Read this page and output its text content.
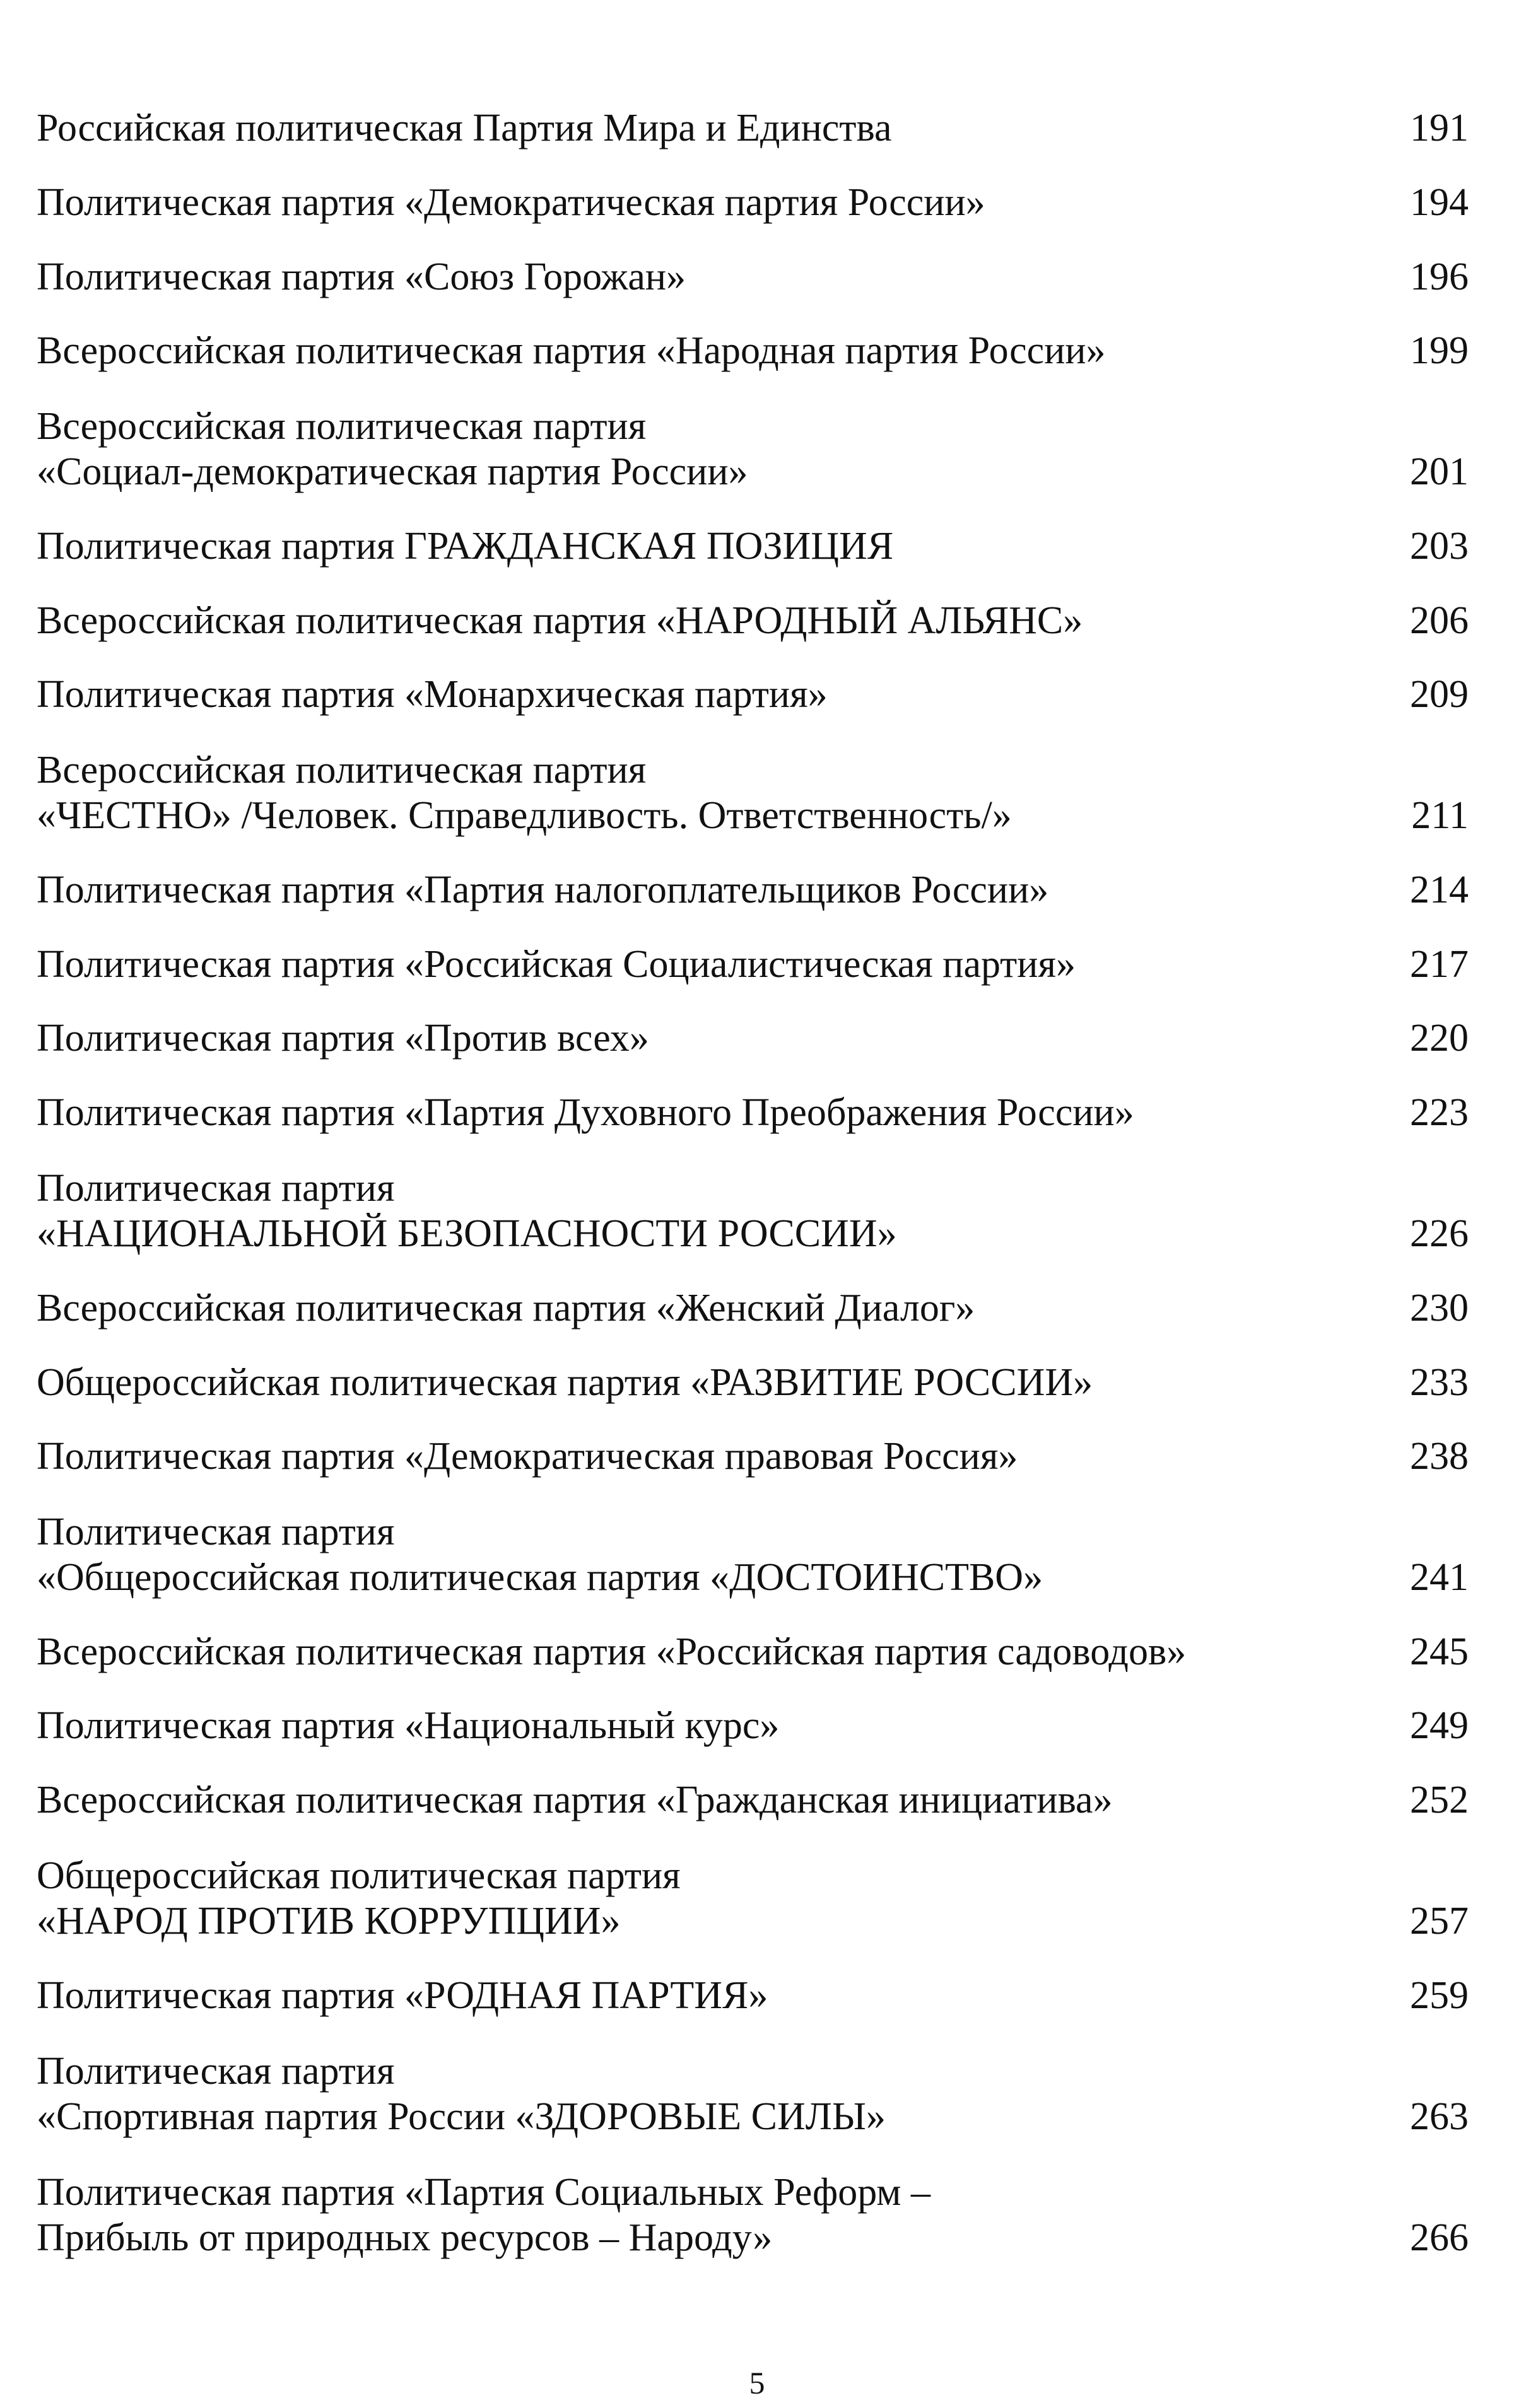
Российская политическая Партия Мира и Единства	191
Политическая партия «Демократическая партия России»	194
Политическая партия «Союз Горожан»	196
Всероссийская политическая партия «Народная партия России»	199
Всероссийская политическая партия
«Социал-демократическая партия России»	201
Политическая партия ГРАЖДАНСКАЯ ПОЗИЦИЯ	203
Всероссийская политическая партия «НАРОДНЫЙ АЛЬЯНС»	206
Политическая партия «Монархическая партия»	209
Всероссийская политическая партия
«ЧЕСТНО» /Человек. Справедливость. Ответственность/»	211
Политическая партия «Партия налогоплательщиков России»	214
Политическая партия «Российская Социалистическая партия»	217
Политическая партия «Против всех»	220
Политическая партия «Партия Духовного Преображения России»	223
Политическая партия
«НАЦИОНАЛЬНОЙ БЕЗОПАСНОСТИ РОССИИ»	226
Всероссийская политическая партия «Женский Диалог»	230
Общероссийская политическая партия «РАЗВИТИЕ РОССИИ»	233
Политическая партия «Демократическая правовая Россия»	238
Политическая партия
«Общероссийская политическая партия «ДОСТОИНСТВО»	241
Всероссийская политическая партия «Российская партия садоводов»	245
Политическая партия «Национальный курс»	249
Всероссийская политическая партия «Гражданская инициатива»	252
Общероссийская политическая партия
«НАРОД ПРОТИВ КОРРУПЦИИ»	257
Политическая партия «РОДНАЯ ПАРТИЯ»	259
Политическая партия
«Спортивная партия России «ЗДОРОВЫЕ СИЛЫ»	263
Политическая партия «Партия Социальных Реформ –
Прибыль от природных ресурсов – Народу»	266
5
